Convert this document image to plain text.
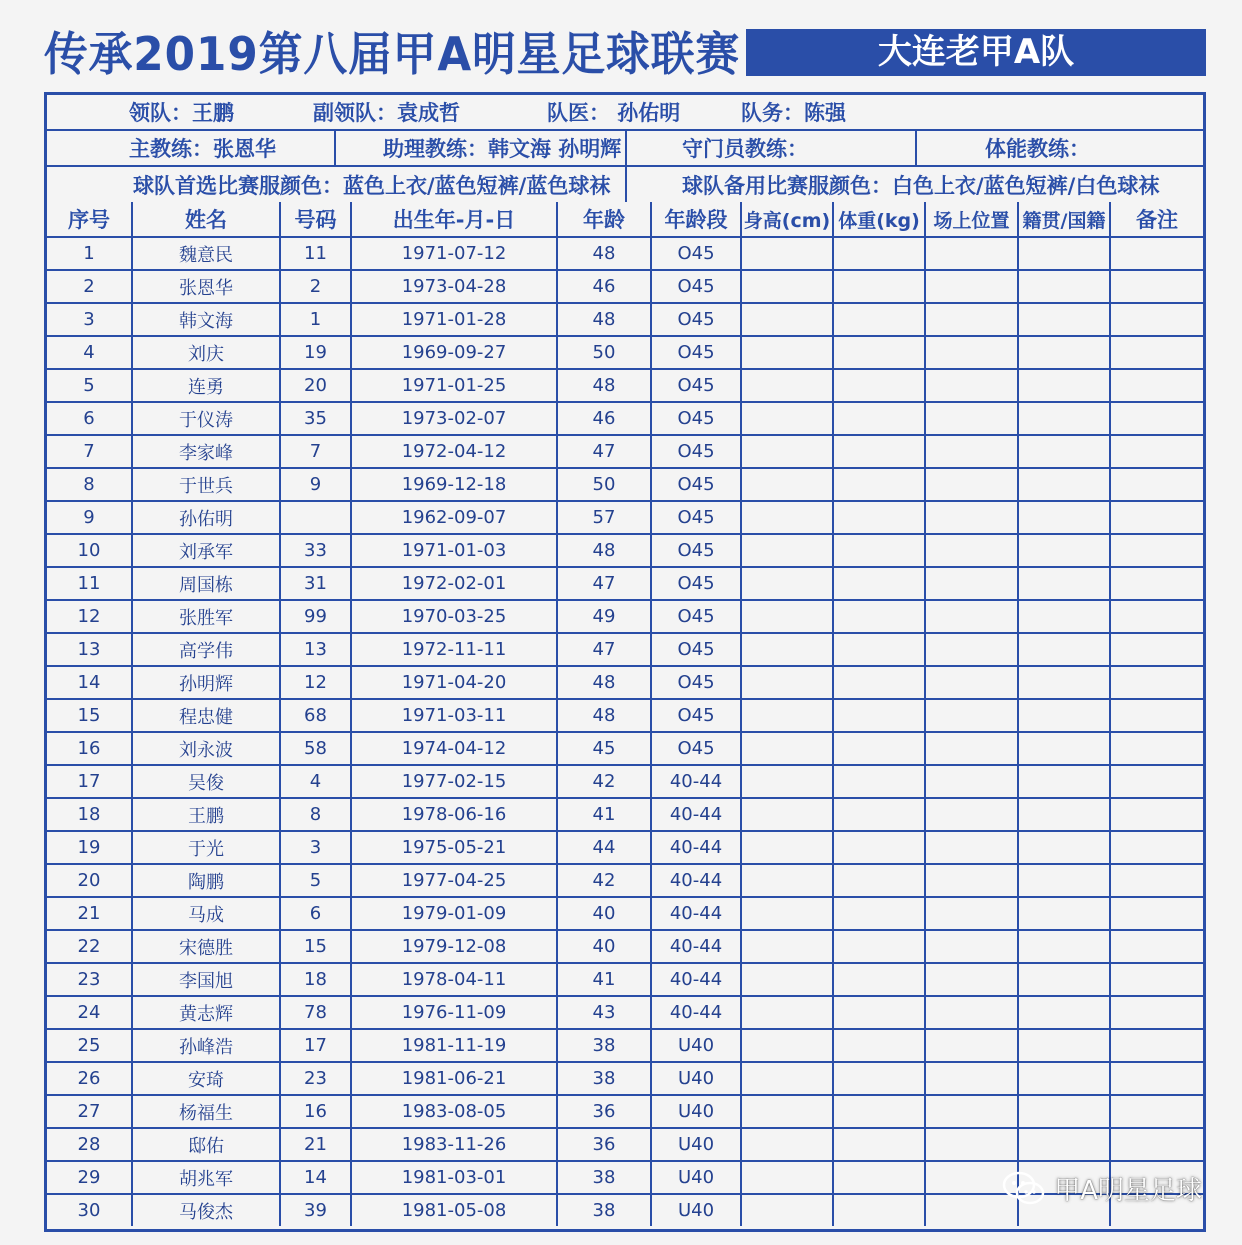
传承2019第八届甲A明星足球联赛	大连老甲A队
领队：王鹏	副领队：袁成哲	队医： 孙佑明	队务：陈强
主教练：张恩华	助理教练：韩文海 孙明辉	守门员教练：	体能教练：
球队首选比赛服颜色：蓝色上衣/蓝色短裤/蓝色球袜	球队备用比赛服颜色：白色上衣/蓝色短裤/白色球袜
序号	姓名	号码	出生年-月-日	年龄	年龄段	身高(cm)	体重(kg)	场上位置	籍贯/国籍	备注
1	魏意民	11	1971-07-12	48	O45					
2	张恩华	2	1973-04-28	46	O45					
3	韩文海	1	1971-01-28	48	O45					
4	刘庆	19	1969-09-27	50	O45					
5	连勇	20	1971-01-25	48	O45					
6	于仪涛	35	1973-02-07	46	O45					
7	李家峰	7	1972-04-12	47	O45					
8	于世兵	9	1969-12-18	50	O45					
9	孙佑明		1962-09-07	57	O45					
10	刘承军	33	1971-01-03	48	O45					
11	周国栋	31	1972-02-01	47	O45					
12	张胜军	99	1970-03-25	49	O45					
13	高学伟	13	1972-11-11	47	O45					
14	孙明辉	12	1971-04-20	48	O45					
15	程忠健	68	1971-03-11	48	O45					
16	刘永波	58	1974-04-12	45	O45					
17	吴俊	4	1977-02-15	42	40-44					
18	王鹏	8	1978-06-16	41	40-44					
19	于光	3	1975-05-21	44	40-44					
20	陶鹏	5	1977-04-25	42	40-44					
21	马成	6	1979-01-09	40	40-44					
22	宋德胜	15	1979-12-08	40	40-44					
23	李国旭	18	1978-04-11	41	40-44					
24	黄志辉	78	1976-11-09	43	40-44					
25	孙峰浩	17	1981-11-19	38	U40					
26	安琦	23	1981-06-21	38	U40					
27	杨福生	16	1983-08-05	36	U40					
28	邸佑	21	1983-11-26	36	U40					
29	胡兆军	14	1981-03-01	38	U40					
30	马俊杰	39	1981-05-08	38	U40					
甲A明星足球
